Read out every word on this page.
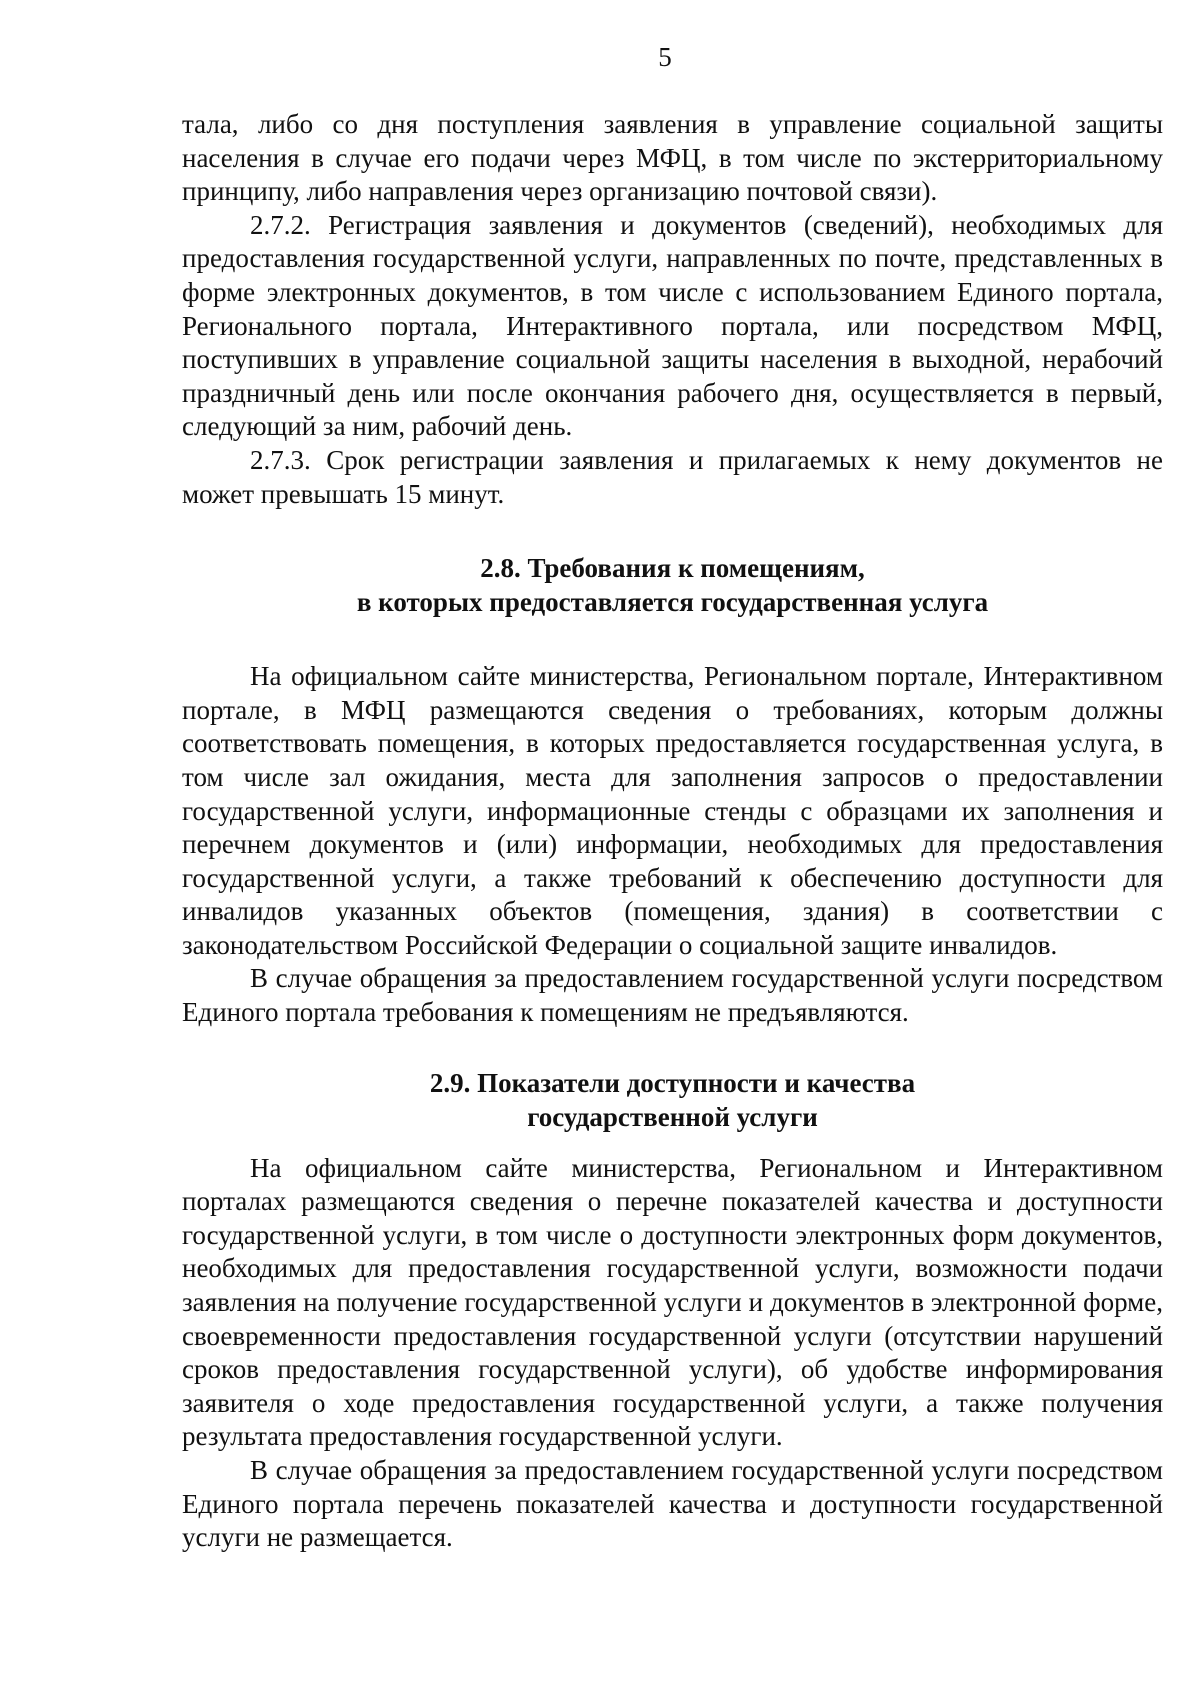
5

тала, либо со дня поступления заявления в управление социальной защиты населения в случае его подачи через МФЦ, в том числе по экстерриториальному принципу, либо направления через организацию почтовой связи).

2.7.2. Регистрация заявления и документов (сведений), необходимых для предоставления государственной услуги, направленных по почте, представленных в форме электронных документов, в том числе с использованием Единого портала, Регионального портала, Интерактивного портала, или посредством МФЦ, поступивших в управление социальной защиты населения в выходной, нерабочий праздничный день или после окончания рабочего дня, осуществляется в первый, следующий за ним, рабочий день.

2.7.3. Срок регистрации заявления и прилагаемых к нему документов не может превышать 15 минут.

2.8. Требования к помещениям,

в которых предоставляется государственная услуга

На официальном сайте министерства, Региональном портале, Интерактивном портале, в МФЦ размещаются сведения о требованиях, которым должны соответствовать помещения, в которых предоставляется государственная услуга, в том числе зал ожидания, места для заполнения запросов о предоставлении государственной услуги, информационные стенды с образцами их заполнения и перечнем документов и (или) информации, необходимых для предоставления государственной услуги, а также требований к обеспечению доступности для инвалидов указанных объектов (помещения, здания) в соответствии с законодательством Российской Федерации о социальной защите инвалидов.

В случае обращения за предоставлением государственной услуги посредством Единого портала требования к помещениям не предъявляются.

2.9. Показатели доступности и качества

государственной услуги

На официальном сайте министерства, Региональном и Интерактивном порталах размещаются сведения о перечне показателей качества и доступности государственной услуги, в том числе о доступности электронных форм документов, необходимых для предоставления государственной услуги, возможности подачи заявления на получение государственной услуги и документов в электронной форме, своевременности предоставления государственной услуги (отсутствии нарушений сроков предоставления государственной услуги), об удобстве информирования заявителя о ходе предоставления государственной услуги, а также получения результата предоставления государственной услуги.

В случае обращения за предоставлением государственной услуги посредством Единого портала перечень показателей качества и доступности государственной услуги не размещается.
